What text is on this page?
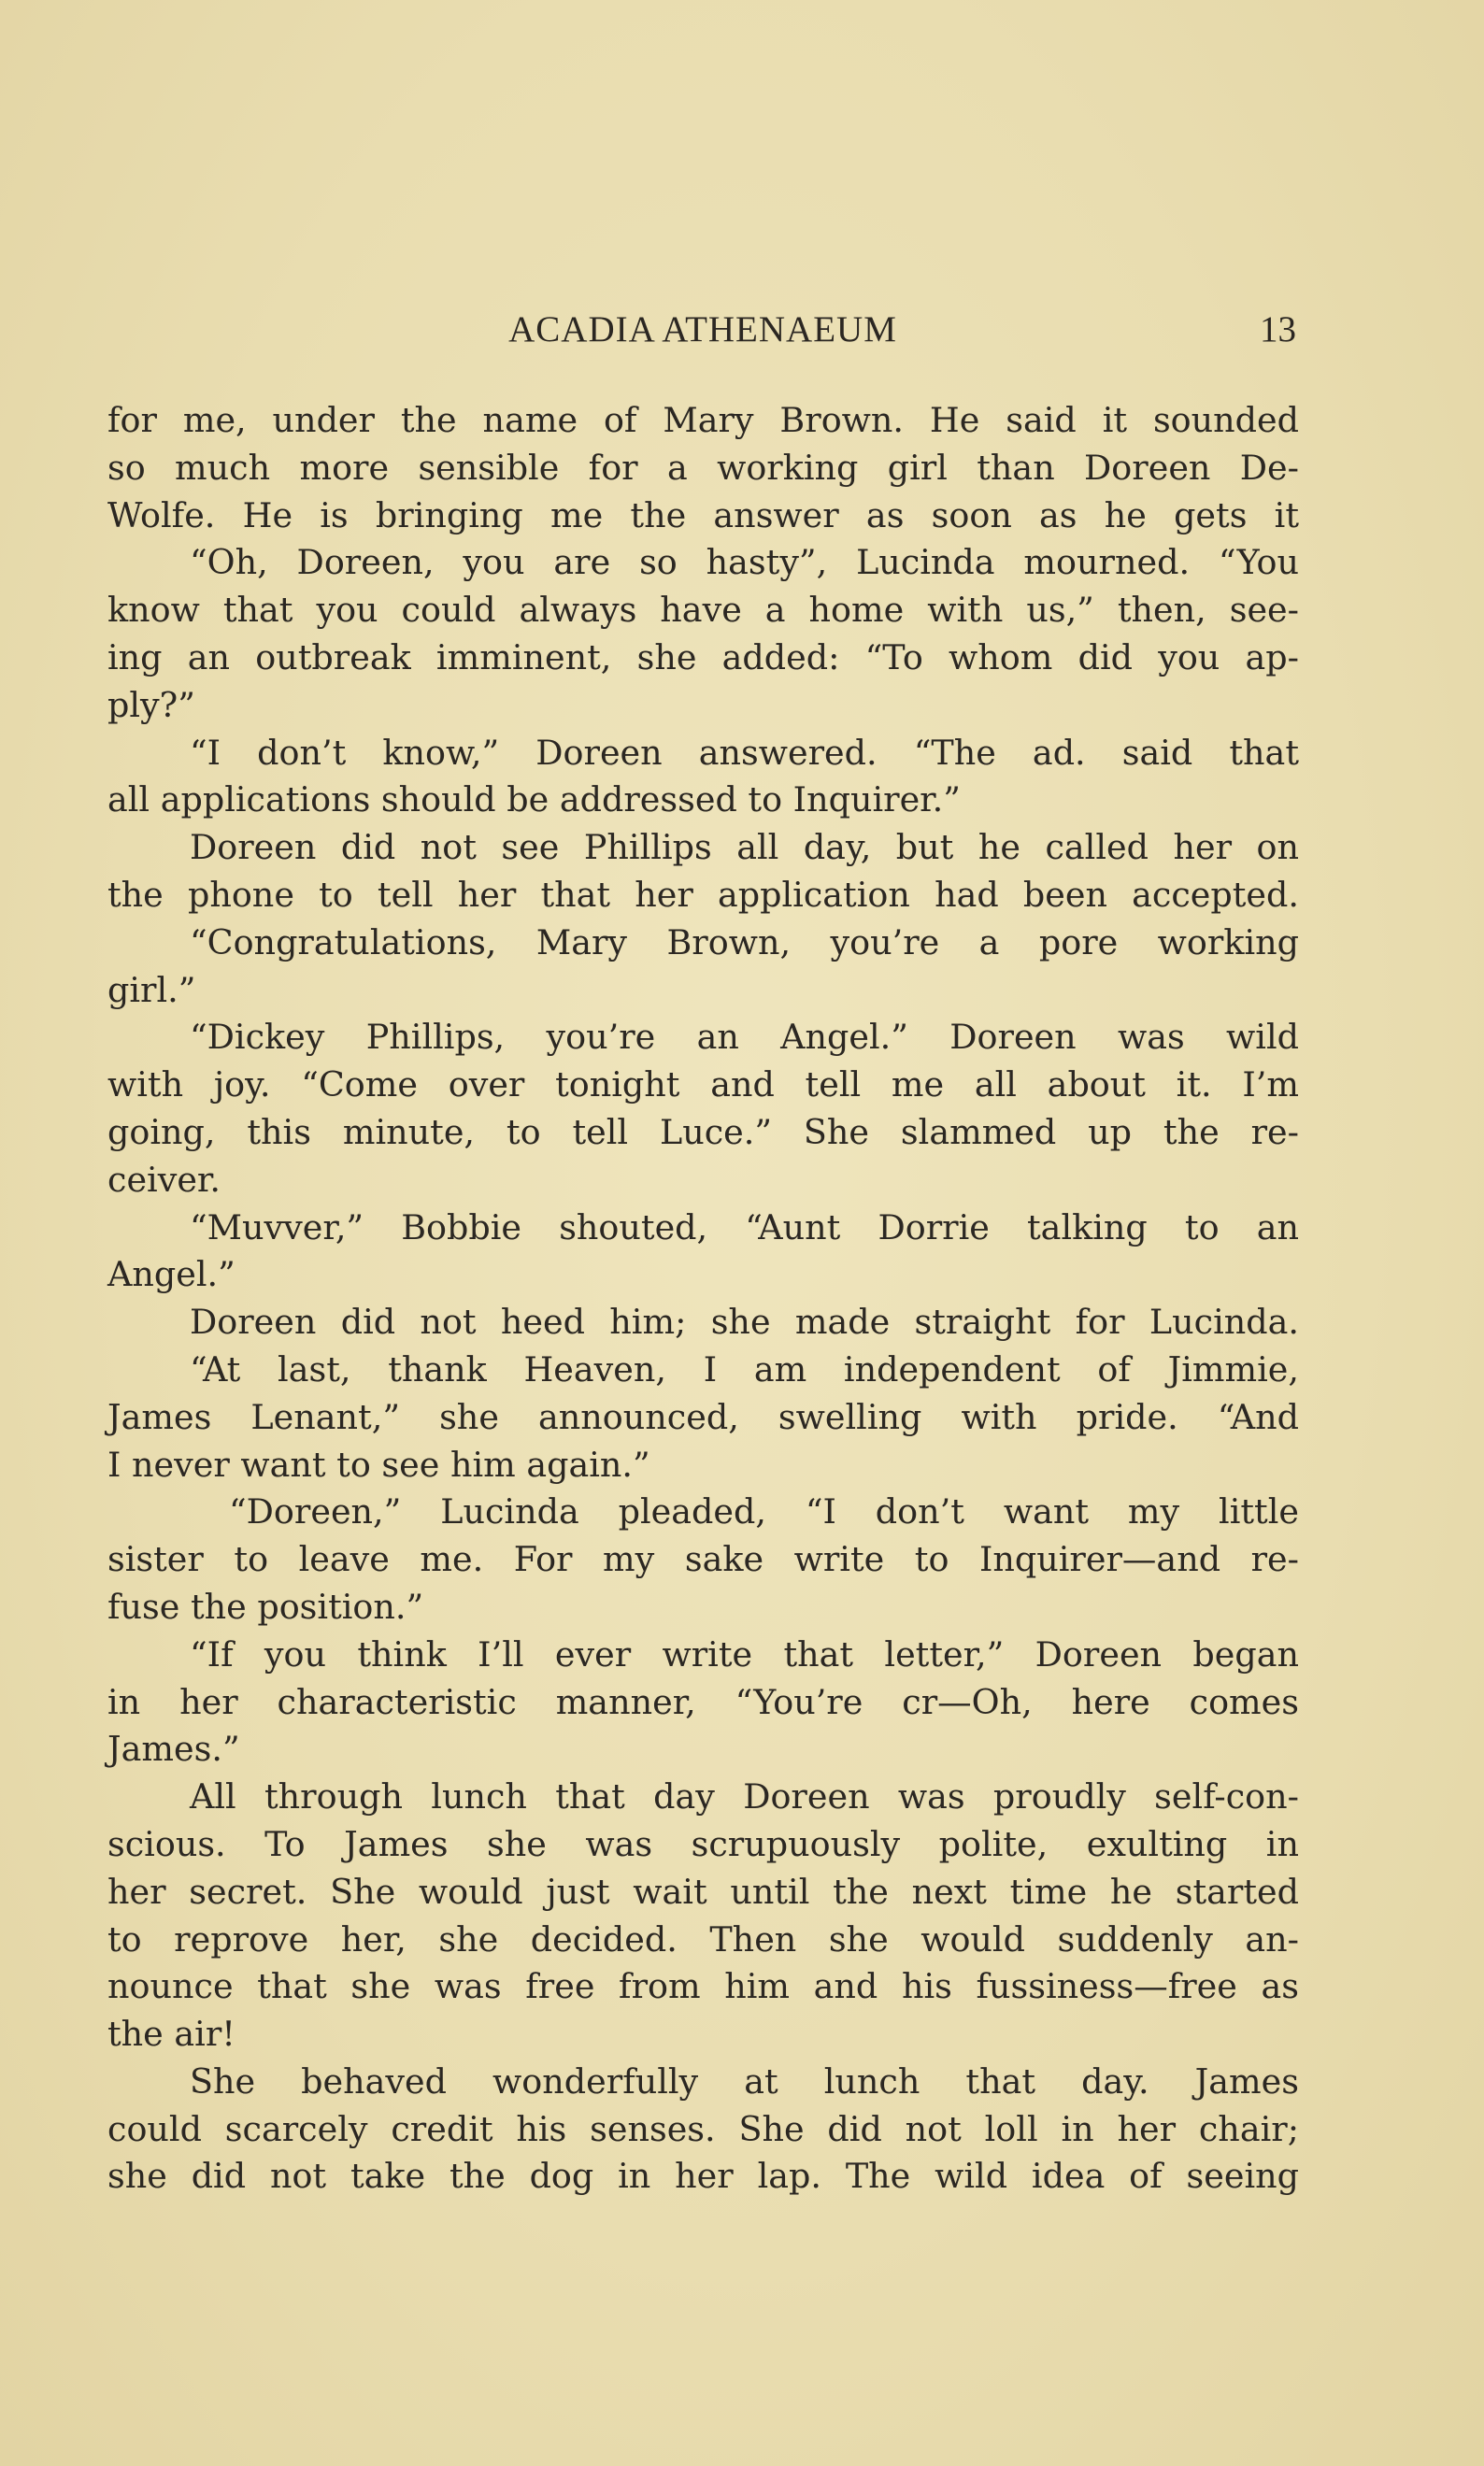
ACADIA ATHENAEUM	13
for me, under the name of Mary Brown. He said it sounded
so much more sensible for a working girl than Doreen De-
Wolfe. He is bringing me the answer as soon as he gets it
“Oh, Doreen, you are so hasty”, Lucinda mourned. “You
know that you could always have a home with us,” then, see-
ing an outbreak imminent, she added: “To whom did you ap-
ply?”
“I don’t know,” Doreen answered. “The ad. said that
all applications should be addressed to Inquirer.”
Doreen did not see Phillips all day, but he called her on
the phone to tell her that her application had been accepted.
“Congratulations, Mary Brown, you’re a pore working
girl.”
“Dickey Phillips, you’re an Angel.” Doreen was wild
with joy. “Come over tonight and tell me all about it. I’m
going, this minute, to tell Luce.” She slammed up the re-
ceiver.
“Muvver,” Bobbie shouted, “Aunt Dorrie talking to an
Angel.”
Doreen did not heed him; she made straight for Lucinda.
“At last, thank Heaven, I am independent of Jimmie,
James Lenant,” she announced, swelling with pride. “And
I never want to see him again.”
“Doreen,” Lucinda pleaded, “I don’t want my little
sister to leave me. For my sake write to Inquirer—and re-
fuse the position.”
“If you think I’ll ever write that letter,” Doreen began
in her characteristic manner, “You’re cr—Oh, here comes
James.”
All through lunch that day Doreen was proudly self-con-
scious. To James she was scrupuously polite, exulting in
her secret. She would just wait until the next time he started
to reprove her, she decided. Then she would suddenly an-
nounce that she was free from him and his fussiness—free as
the air!
She behaved wonderfully at lunch that day. James
could scarcely credit his senses. She did not loll in her chair;
she did not take the dog in her lap. The wild idea of seeing
